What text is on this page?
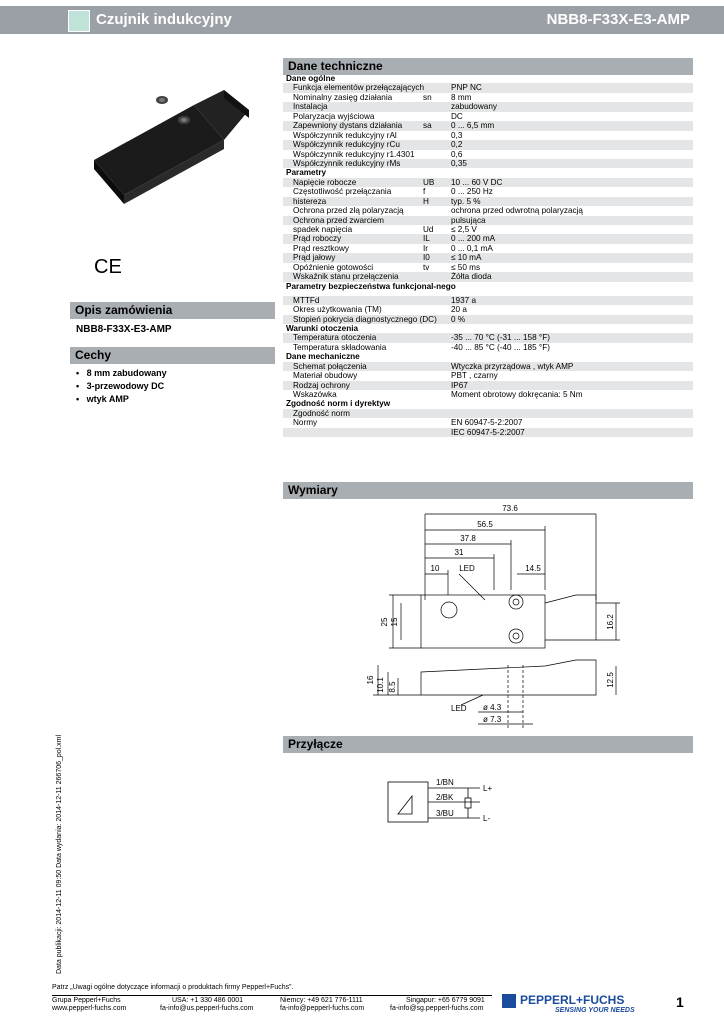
Czujnik indukcyjny	NBB8-F33X-E3-AMP
CE
Opis zamówienia
NBB8-F33X-E3-AMP
Cechy
•   8 mm zabudowany
•   3-przewodowy DC
•   wtyk AMP
Dane techniczne
Dane ogólne
Funkcja elementów przełączających	PNP NC
Nominalny zasięg działania	sn 8 mm
Instalacja	zabudowany
Polaryzacja wyjściowa	DC
Zapewniony dystans działania	sa 0 ... 6,5 mm
Współczynnik redukcyjny rAl	0,3
Współczynnik redukcyjny rCu	0,2
Współczynnik redukcyjny r1.4301	0,6
Współczynnik redukcyjny rMs	0,35
Parametry
Napięcie robocze	UB 10 ... 60 V DC
Częstotliwość przełączania	f	0 ... 250 Hz
histereza	H	typ. 5 %
Ochrona przed złą polaryzacją	ochrona przed odwrotną polaryzacją
Ochrona przed zwarciem	pulsująca
spadek napięcia	Ud ≤ 2,5 V
Prąd roboczy	IL	0 ... 200 mA
Prąd resztkowy	Ir	0 ... 0,1 mA
Prąd jałowy	I0	≤ 10 mA
Opóźnienie gotowości	tv	≤ 50 ms
Wskaźnik stanu przełączenia	Żółta dioda
Parametry bezpieczeństwa funkcjonal-nego
MTTFd	1937 a
Okres użytkowania (TM)	20 a
Stopień pokrycia diagnostycznego (DC) 0 %
Warunki otoczenia
Temperatura otoczenia	-35 ... 70 °C (-31 ... 158 °F)
Temperatura składowania	-40 ... 85 °C (-40 ... 185 °F)
Dane mechaniczne
Schemat połączenia	Wtyczka przyrządowa , wtyk AMP
Materiał obudowy	PBT , czarny
Rodzaj ochrony	IP67
Wskazówka	Moment obrotowy dokręcania: 5 Nm
Zgodność norm i dyrektyw
Zgodność norm
Normy	EN 60947-5-2:2007
IEC 60947-5-2:2007
Wymiary
73.6
56.5
37.8
31
10 LED	14.5
25 15	16.2
16 10.1 8.5	12.5
LED ø 4.3
ø 7.3
Przyłącze
1/BN
2/BK
3/BU
L+
L-
Data publikacji: 2014-12-11 09:50 Data wydania: 2014-12-11 266706_pol.xml
Patrz „Uwagi ogólne dotyczące informacji o produktach firmy Pepperl+Fuchs”.
Grupa Pepperl+Fuchs
www.pepperl-fuchs.com
USA: +1 330 486 0001
fa-info@us.pepperl-fuchs.com
Niemcy: +49 621 776-1111
fa-info@pepperl-fuchs.com
Singapur: +65 6779 9091
fa-info@sg.pepperl-fuchs.com
PEPPERL+FUCHS
SENSING YOUR NEEDS
1
